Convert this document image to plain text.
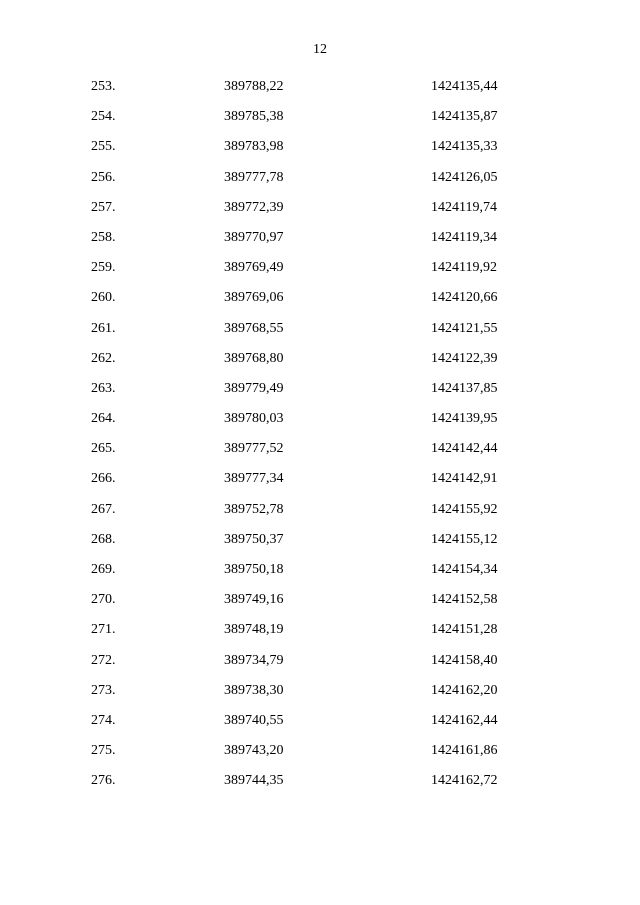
12
253.	389788,22	1424135,44
254.	389785,38	1424135,87
255.	389783,98	1424135,33
256.	389777,78	1424126,05
257.	389772,39	1424119,74
258.	389770,97	1424119,34
259.	389769,49	1424119,92
260.	389769,06	1424120,66
261.	389768,55	1424121,55
262.	389768,80	1424122,39
263.	389779,49	1424137,85
264.	389780,03	1424139,95
265.	389777,52	1424142,44
266.	389777,34	1424142,91
267.	389752,78	1424155,92
268.	389750,37	1424155,12
269.	389750,18	1424154,34
270.	389749,16	1424152,58
271.	389748,19	1424151,28
272.	389734,79	1424158,40
273.	389738,30	1424162,20
274.	389740,55	1424162,44
275.	389743,20	1424161,86
276.	389744,35	1424162,72
